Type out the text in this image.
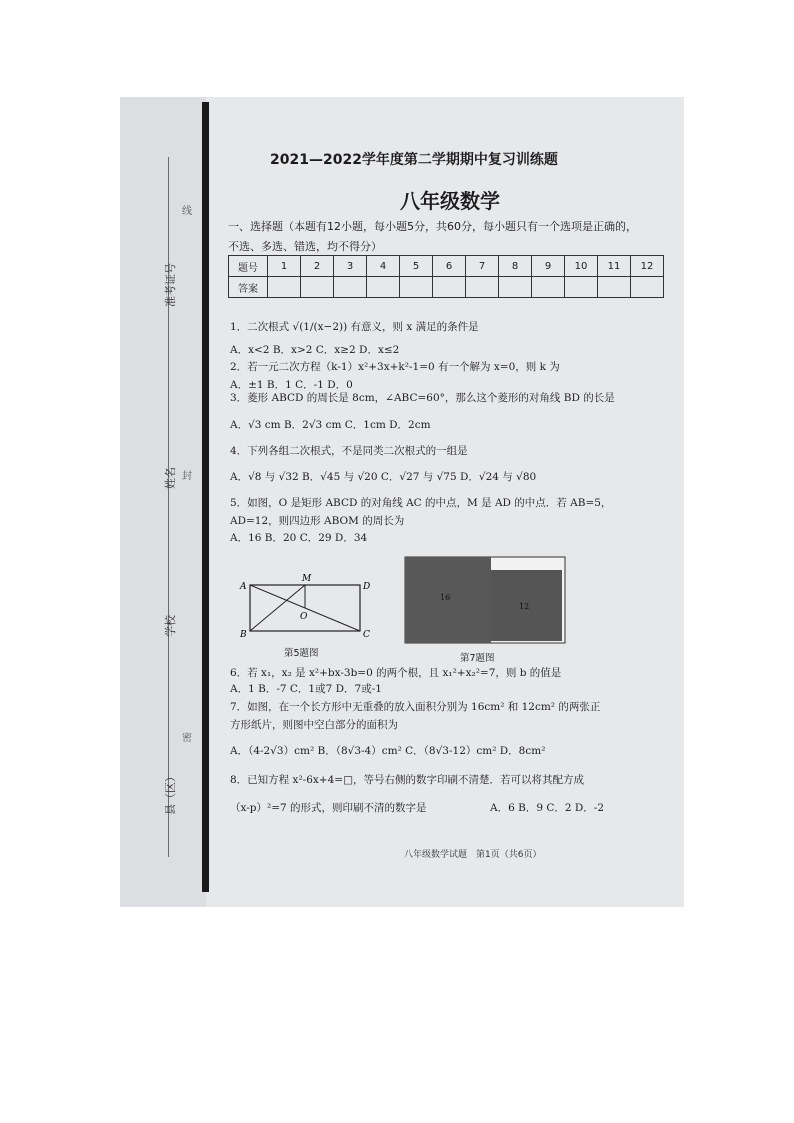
准考证号
姓名
学校
县（区）
线
封
密
2021—2022学年度第二学期期中复习训练题
八年级数学
一、选择题（本题有12小题，每小题5分，共60分，每小题只有一个选项是正确的，
不选、多选、错选，均不得分）
题号	1	2	3	4	5	6	7	8	9	10	11	12
答案												
1．二次根式 √(1/(x−2)) 有意义，则 x 满足的条件是
A．x<2 B．x>2 C．x≥2 D．x≤2
2．若一元二次方程（k-1）x²+3x+k²-1=0 有一个解为 x=0，则 k 为
A．±1 B．1 C．-1 D．0
3．菱形 ABCD 的周长是 8cm，∠ABC=60°，那么这个菱形的对角线 BD 的长是
A．√3 cm B．2√3 cm C．1cm D．2cm
4．下列各组二次根式，不是同类二次根式的一组是
A．√8 与 √32 B．√45 与 √20 C．√27 与 √75 D．√24 与 √80
5．如图，O 是矩形 ABCD 的对角线 AC 的中点，M 是 AD 的中点．若 AB=5，
AD=12，则四边形 ABOM 的周长为
A．16 B．20 C．29 D．34
A
B	C
D
M
O
第5题图
16
12
第7题图
6．若 x₁，x₂ 是 x²+bx-3b=0 的两个根，且 x₁²+x₂²=7，则 b 的值是
A．1 B．-7 C．1或7 D．7或-1
7．如图，在一个长方形中无重叠的放入面积分别为 16cm² 和 12cm² 的两张正
方形纸片，则图中空白部分的面积为
A．（4-2√3）cm² B．（8√3-4）cm² C．（8√3-12）cm² D．8cm²
8．已知方程 x²-6x+4=□，等号右侧的数字印刷不清楚．若可以将其配方成
（x-p）²=7 的形式，则印刷不清的数字是	A．6 B．9 C．2 D．-2
八年级数学试题　第1页（共6页）
